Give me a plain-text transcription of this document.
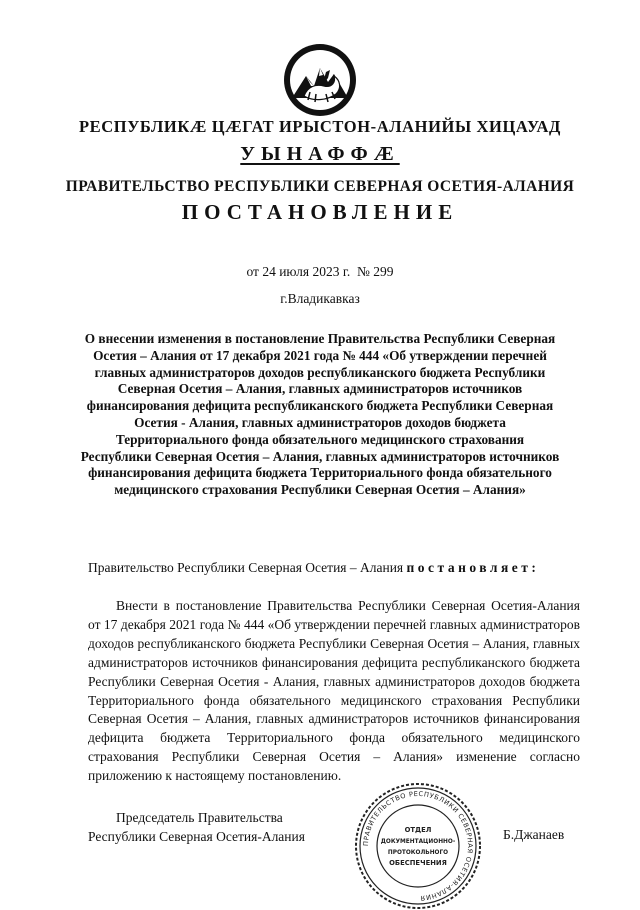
РЕСПУБЛИКÆ ЦÆГАТ ИРЫСТОН-АЛАНИЙЫ ХИЦАУАД
УЫНАФФÆ
ПРАВИТЕЛЬСТВО РЕСПУБЛИКИ СЕВЕРНАЯ ОСЕТИЯ-АЛАНИЯ
ПОСТАНОВЛЕНИЕ
от 24 июля 2023 г.  № 299
г.Владикавказ
О внесении изменения в постановление Правительства Республики Северная Осетия – Алания от 17 декабря 2021 года № 444 «Об утверждении перечней главных администраторов доходов республиканского бюджета Республики Северная Осетия – Алания, главных администраторов источников финансирования дефицита республиканского бюджета Республики Северная Осетия - Алания, главных администраторов доходов бюджета Территориального фонда обязательного медицинского страхования Республики Северная Осетия – Алания, главных администраторов источников финансирования дефицита бюджета Территориального фонда обязательного медицинского страхования Республики Северная Осетия – Алания»
Правительство Республики Северная Осетия – Алания постановляет:
Внести в постановление Правительства Республики Северная Осетия-Алания от 17 декабря 2021 года № 444 «Об утверждении перечней главных администраторов доходов республиканского бюджета Республики Северная Осетия – Алания, главных администраторов источников финансирования дефицита республиканского бюджета Республики Северная Осетия - Алания, главных администраторов доходов бюджета Территориального фонда обязательного медицинского страхования Республики Северная Осетия – Алания, главных администраторов источников финансирования дефицита бюджета Территориального фонда обязательного медицинского страхования Республики Северная Осетия – Алания» изменение согласно приложению к настоящему постановлению.
Председатель Правительства
Республики Северная Осетия-Алания	ПРАВИТЕЛЬСТВО РЕСПУБЛИКИ СЕВЕРНАЯ ОСЕТИЯ-АЛАНИЯ
ОТДЕЛ
ДОКУМЕНТАЦИОННО-
ПРОТОКОЛЬНОГО
ОБЕСПЕЧЕНИЯ
Б.Джанаев
